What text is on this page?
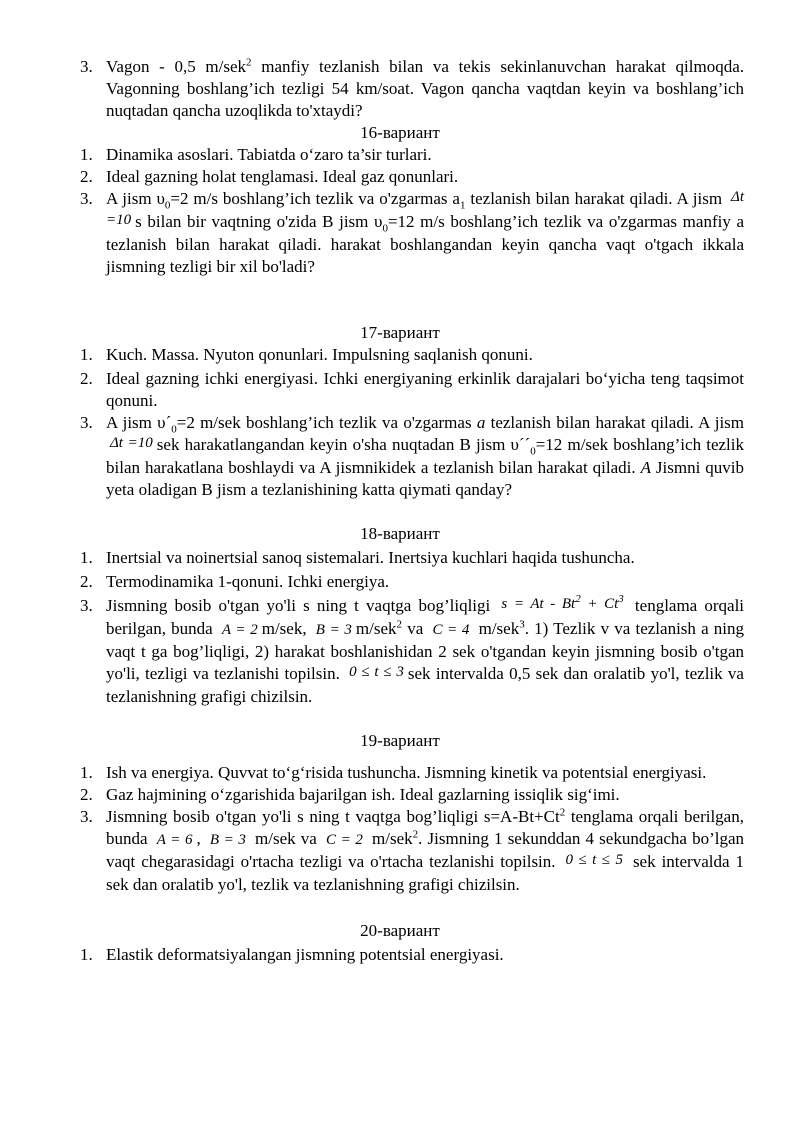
3. Vagon - 0,5 m/sek$^2$ manfiy tezlanish bilan va tekis sekinlanuvchan harakat qilmoqda. Vagonning boshlang’ich tezligi 54 km/soat. Vagon qancha vaqtdan keyin va boshlang’ich nuqtadan qancha uzoqlikda to'xtaydi?
16-вариант
1. Dinamika asoslari. Tabiatda o‘zaro ta’sir turlari.
2. Ideal gazning holat tenglamasi. Ideal gaz qonunlari.
3. A jism $\upsilon_0=2$ m/s boshlang’ich tezlik va o'zgarmas $a_1$ tezlanish bilan harakat qiladi. A jism Δt =10 s bilan bir vaqtning o'zida B jism $\upsilon_0=12$ m/s boshlang’ich tezlik va o'zgarmas manfiy a tezlanish bilan harakat qiladi. harakat boshlangandan keyin qancha vaqt o'tgach ikkala jismning tezligi bir xil bo'ladi?
17-вариант
1. Kuch. Massa. Nyuton qonunlari. Impulsning saqlanish qonuni.
2. Ideal gazning ichki energiyasi. Ichki energiyaning erkinlik darajalari bo‘yicha teng taqsimot qonuni.
3. A jism $\upsilon´_0=2$ m/sek boshlang’ich tezlik va o'zgarmas a tezlanish bilan harakat qiladi. A jism Δt =10 sek harakatlangandan keyin o'sha nuqtadan B jism $\upsilon´´_0=12$ m/sek boshlang’ich tezlik bilan harakatlana boshlaydi va A jismnikidek a tezlanish bilan harakat qiladi. A Jismni quvib yeta oladigan B jism a tezlanishining katta qiymati qanday?
18-вариант
1. Inertsial va noinertsial sanoq sistemalari. Inertsiya kuchlari haqida tushuncha.
2. Termodinamika 1-qonuni. Ichki energiya.
3. Jismning bosib o'tgan yo'li s ning t vaqtga bog’liqligi $s = At - Bt^2 + Ct^3$ tenglama orqali berilgan, bunda A = 2 m/sek, B = 3 m/sek$^2$ va C = 4 m/sek$^3$. 1) Tezlik v va tezlanish a ning vaqt t ga bog’liqligi, 2) harakat boshlanishidan 2 sek o'tgandan keyin jismning bosib o'tgan yo'li, tezligi va tezlanishi topilsin. 0 ≤ t ≤ 3 sek intervalda 0,5 sek dan oralatib yo'l, tezlik va tezlanishning grafigi chizilsin.
19-вариант
1. Ish va energiya. Quvvat to‘g‘risida tushuncha. Jismning kinetik va potentsial energiyasi.
2. Gaz hajmining o‘zgarishida bajarilgan ish. Ideal gazlarning issiqlik sig‘imi.
3. Jismning bosib o'tgan yo'li s ning t vaqtga bog’liqligi $s=A-Bt+Ct^2$ tenglama orqali berilgan, bunda A = 6 , B = 3 m/sek va C = 2 m/sek$^2$. Jismning 1 sekunddan 4 sekundgacha bo’lgan vaqt chegarasidagi o'rtacha tezligi va o'rtacha tezlanishi topilsin. 0 ≤ t ≤ 5 sek intervalda 1 sek dan oralatib yo'l, tezlik va tezlanishning grafigi chizilsin.
20-вариант
1. Elastik deformatsiyalangan jismning potentsial energiyasi.
